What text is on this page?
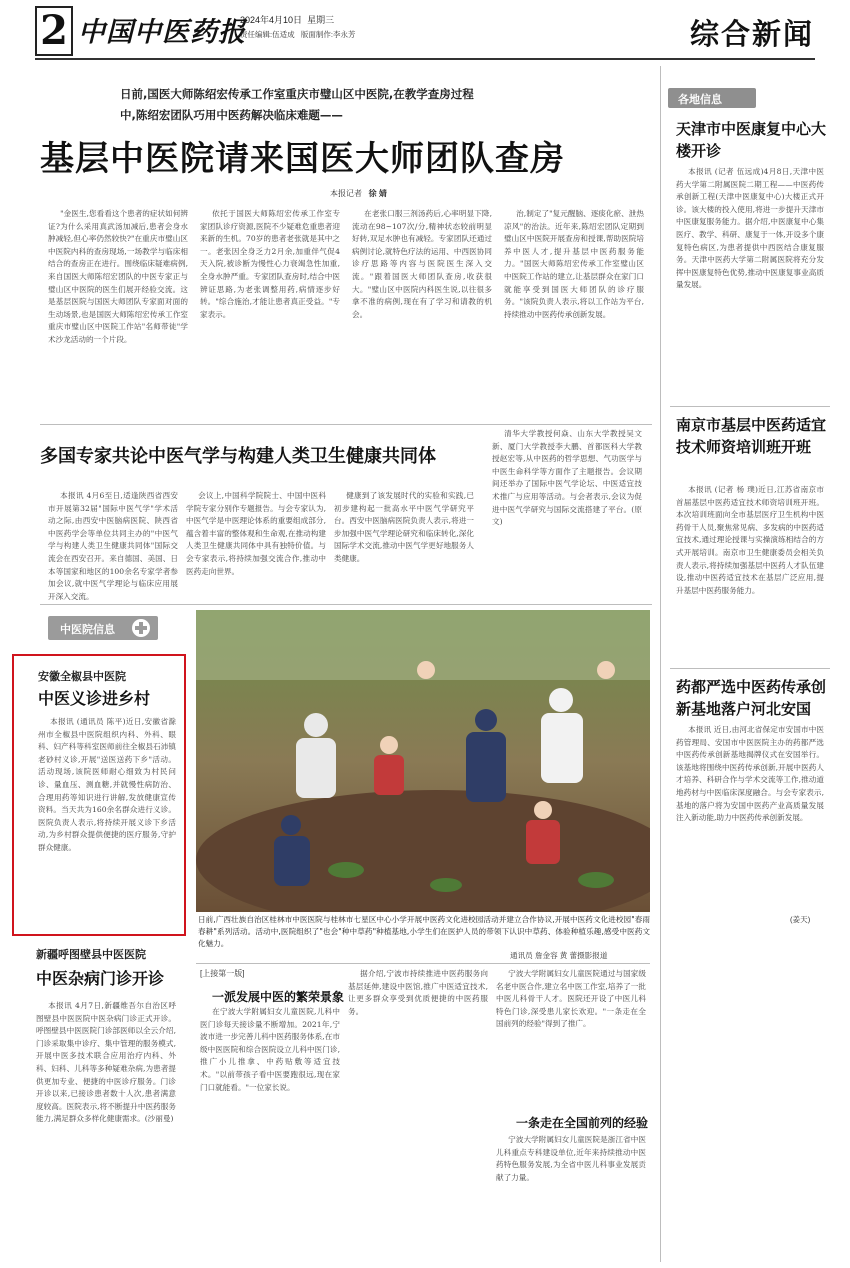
2 中国中医药报
2024年4月10日 星期三
责任编辑:伍适成 版面制作:李永芳	综合新闻
日前,国医大师陈绍宏传承工作室重庆市璧山区中医院,在教学查房过程
中,陈绍宏团队巧用中医药解决临床难题——
基层中医院请来国医大师团队查房
本报记者 徐 婧

"金医生,您看看这个患者的症状如何辨证?为什么采用真武汤加减后,患者会身水肿减轻,但心率仍然较快?"在重庆市璧山区中医院内科的查房现场,一场教学与临床相结合的查房正在进行。围绕临床疑难病例,来自国医大师陈绍宏团队的中医专家正与璧山区中医院的医生们展开经验交流。这是基层医院与国医大师团队专家面对面的生动场景,也是国医大师陈绍宏传承工作室重庆市璧山区中医院工作站"名师带徒"学术沙龙活动的一个片段。

依托于国医大师陈绍宏传承工作室专家团队诊疗资源,医院不少疑难危重患者迎来新的生机。70岁的患者老张就是其中之一。老张因全身乏力2月余,加重伴气促4天入院,被诊断为慢性心力衰竭急性加重,全身水肿严重。专家团队查房时,结合中医辨证思路,为老张调整用药,病情逐步好转。"综合施治,才能让患者真正受益。"专家表示。

在老张口服三剂汤药后,心率明显下降,流动在98~107次/分,精神状态较前明显好转,双足水肿也有减轻。专家团队还通过病例讨论,就特色疗法的运用、中西医协同诊疗思路等内容与医院医生深入交流。"跟着国医大师团队查房,收获很大。"璧山区中医院内科医生说,以往很多拿不准的病例,现在有了学习和请教的机会。

治,制定了"复元醒脑、逐痰化瘀、泄热凉风"的治法。近年来,陈绍宏团队定期到璧山区中医院开展查房和授课,帮助医院培养中医人才,提升基层中医药服务能力。"国医大师陈绍宏传承工作室璧山区中医院工作站的建立,让基层群众在家门口就能享受到国医大师团队的诊疗服务。"该院负责人表示,将以工作站为平台,持续推动中医药传承创新发展。

多国专家共论中医气学与构建人类卫生健康共同体

本报讯 4月6至日,适逢陕西省西安市开展第32届"国际中医气学"学术活动之际,由西安中医脑病医院、陕西省中医药学会等单位共同主办的"中医气学与构建人类卫生健康共同体"国际交流会在西安召开。来自德国、美国、日本等国家和地区的100余名专家学者参加会议,就中医气学理论与临床应用展开深入交流。

会议上,中国科学院院士、中国中医科学院专家分别作专题报告。与会专家认为,中医气学是中医理论体系的重要组成部分,蕴含着丰富的整体观和生命观,在推动构建人类卫生健康共同体中具有独特价值。与会专家表示,将持续加强交流合作,推动中医药走向世界。

健康到了该发展时代的实验和实践,已初步建构起一批高水平中医气学研究平台。西安中医脑病医院负责人表示,将进一步加强中医气学理论研究和临床转化,深化国际学术交流,推动中医气学更好地服务人类健康。

清华大学教授何焱、山东大学教授吴文新、厦门大学教授李大鹏、首都医科大学教授赵宏等,从中医药的哲学思想、气功医学与中医生命科学等方面作了主题报告。会议期间还举办了国际中医气学论坛、中医适宜技术推广与应用等活动。与会者表示,会议为促进中医气学研究与国际交流搭建了平台。(原 文)

中医院信息
安徽全椒县中医院
中医义诊进乡村

本报讯 (通讯员 陈平)近日,安徽省滁州市全椒县中医院组织内科、外科、眼科、妇产科等科室医师前往全椒县石沛镇老砂村义诊,开展"送医送药下乡"活动。活动现场,该院医师耐心细致为村民问诊、量血压、测血糖,并就慢性病防治、合理用药等知识进行讲解,发放健康宣传资料。当天共为160余名群众进行义诊。医院负责人表示,将持续开展义诊下乡活动,为乡村群众提供便捷的医疗服务,守护群众健康。

新疆呼图壁县中医医院
中医杂病门诊开诊

本报讯 4月7日,新疆维吾尔自治区呼图壁县中医医院中医杂病门诊正式开诊。呼图壁县中医医院门诊部医师以全云介绍,门诊采取集中诊疗、集中管理的服务模式,开展中医多技术联合应用治疗内科、外科、妇科、儿科等多种疑难杂病,为患者提供更加专业、便捷的中医诊疗服务。门诊开诊以来,已接诊患者数十人次,患者满意度较高。医院表示,将不断提升中医药服务能力,满足群众多样化健康需求。(沙丽曼)

日前,广西壮族自治区桂林市中医医院与桂林市七星区中心小学开展中医药文化进校园活动并建立合作协议,开展中医药文化进校园"春雨春耕"系列活动。活动中,医院组织了"也会"种中草药"种植基地,小学生们在医护人员的带领下认识中草药、体验种植乐趣,感受中医药文化魅力。
通讯员 詹金容 黄 蕾摄影报道
[上接第一版]
一派发展中医的繁荣景象

在宁波大学附属妇女儿童医院,儿科中医门诊每天接诊量不断增加。2021年,宁波市进一步完善儿科中医药服务体系,在市级中医医院和综合医院设立儿科中医门诊,推广小儿推拿、中药贴敷等适宜技术。"以前带孩子看中医要跑很远,现在家门口就能看。"一位家长说。

据介绍,宁波市持续推进中医药服务向基层延伸,建设中医馆,推广中医适宜技术,让更多群众享受到优质便捷的中医药服务。

宁波大学附属妇女儿童医院通过与国家级名老中医合作,建立名中医工作室,培养了一批中医儿科骨干人才。医院还开设了中医儿科特色门诊,深受患儿家长欢迎。"一条走在全国前列的经验"得到了推广。

一条走在全国前列的经验

宁波大学附属妇女儿童医院是浙江省中医儿科重点专科建设单位,近年来持续推动中医药特色服务发展,为全省中医儿科事业发展贡献了力量。

各地信息
天津市中医康复中心大楼开诊

本报讯 (记者 伍远成)4月8日,天津中医药大学第二附属医院二期工程——中医药传承创新工程(天津中医康复中心)大楼正式开诊。该大楼的投入使用,将进一步提升天津市中医康复服务能力。据介绍,中医康复中心集医疗、教学、科研、康复于一体,开设多个康复特色病区,为患者提供中西医结合康复服务。天津中医药大学第二附属医院将充分发挥中医康复特色优势,推动中医康复事业高质量发展。

南京市基层中医药适宜技术师资培训班开班

本报讯 (记者 杨 璞)近日,江苏省南京市首届基层中医药适宜技术师资培训班开班。本次培训班面向全市基层医疗卫生机构中医药骨干人员,聚焦常见病、多发病的中医药适宜技术,通过理论授课与实操演练相结合的方式开展培训。南京市卫生健康委员会相关负责人表示,将持续加强基层中医药人才队伍建设,推动中医药适宜技术在基层广泛应用,提升基层中医药服务能力。

药都严选中医药传承创新基地落户河北安国

本报讯 近日,由河北省保定市安国市中医药管理局、安国市中医医院主办的药都严选中医药传承创新基地揭牌仪式在安国举行。该基地将围绕中医药传承创新,开展中医药人才培养、科研合作与学术交流等工作,推动道地药材与中医临床深度融合。与会专家表示,基地的落户将为安国中医药产业高质量发展注入新动能,助力中医药传承创新发展。

(姜天)
